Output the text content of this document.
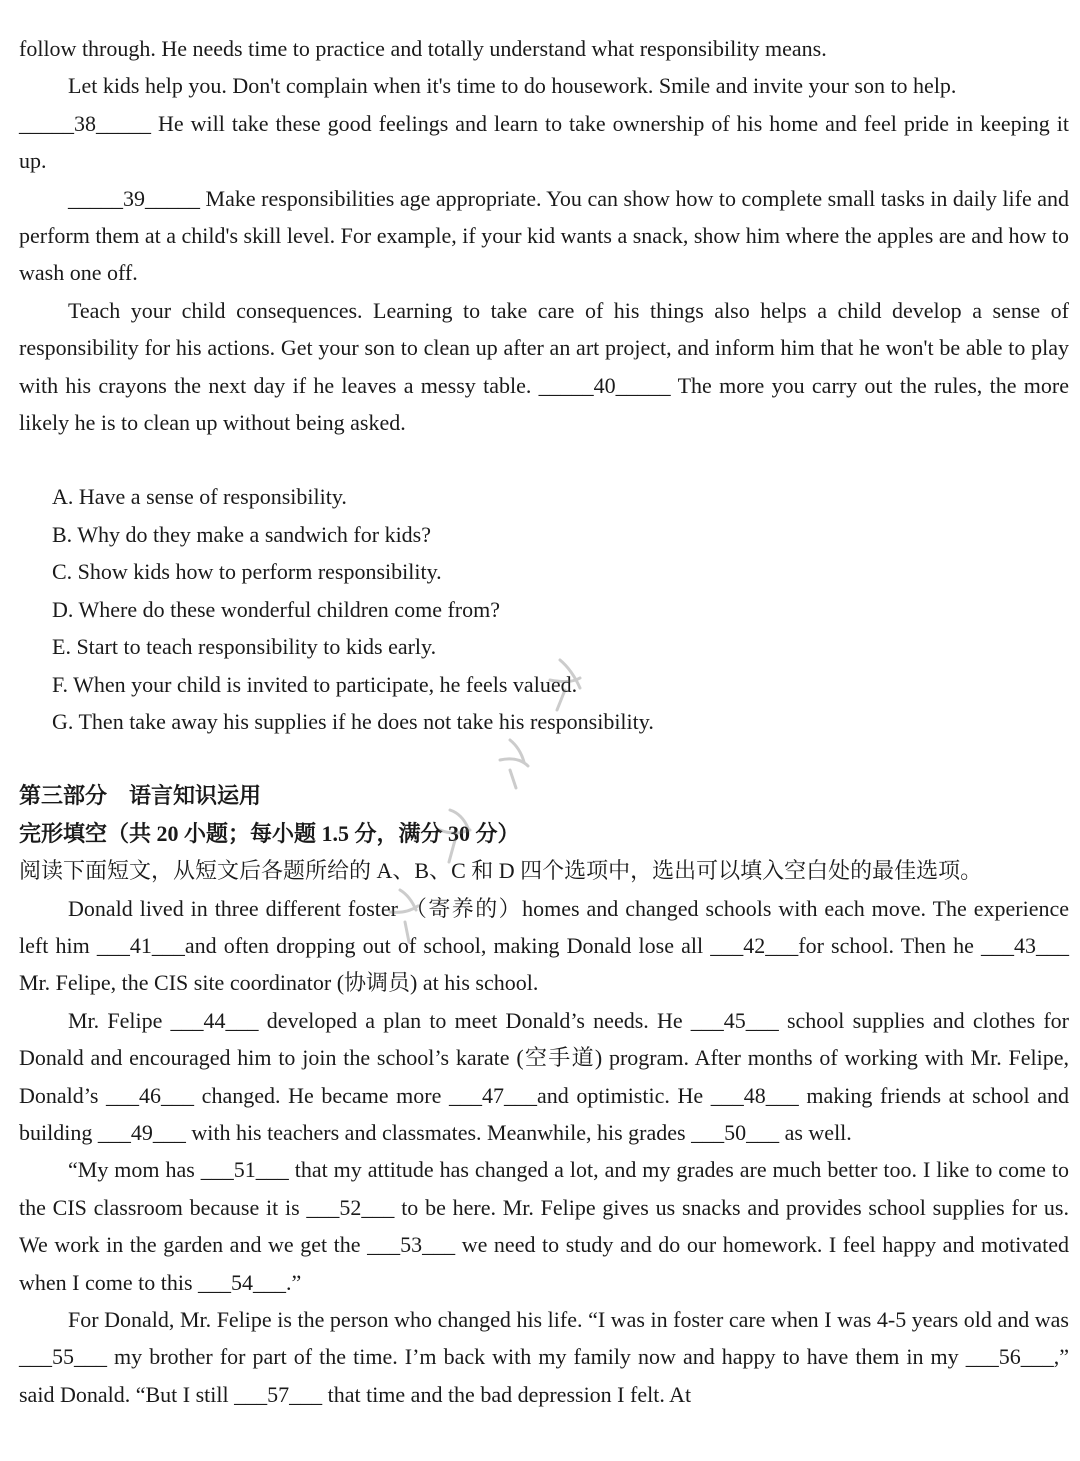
follow through. He needs time to practice and totally understand what responsibility means.

Let kids help you. Don't complain when it's time to do housework. Smile and invite your son to help.

_____38_____ He will take these good feelings and learn to take ownership of his home and feel pride in keeping it up.

_____39_____ Make responsibilities age appropriate. You can show how to complete small tasks in daily life and perform them at a child's skill level. For example, if your kid wants a snack, show him where the apples are and how to wash one off.

Teach your child consequences. Learning to take care of his things also helps a child develop a sense of responsibility for his actions. Get your son to clean up after an art project, and inform him that he won't be able to play with his crayons the next day if he leaves a messy table. _____40_____ The more you carry out the rules, the more likely he is to clean up without being asked.

A. Have a sense of responsibility.
B. Why do they make a sandwich for kids?
C. Show kids how to perform responsibility.
D. Where do these wonderful children come from?
E. Start to teach responsibility to kids early.
F. When your child is invited to participate, he feels valued.
G. Then take away his supplies if he does not take his responsibility.
第三部分　语言知识运用
完形填空（共 20 小题；每小题 1.5 分，满分 30 分）

阅读下面短文，从短文后各题所给的 A、B、C 和 D 四个选项中，选出可以填入空白处的最佳选项。

Donald lived in three different foster （寄养的）homes and changed schools with each move. The experience left him ___41___and often dropping out of school, making Donald lose all ___42___for school. Then he ___43___ Mr. Felipe, the CIS site coordinator (协调员) at his school.

Mr. Felipe ___44___ developed a plan to meet Donald’s needs. He ___45___ school supplies and clothes for Donald and encouraged him to join the school’s karate (空手道) program. After months of working with Mr. Felipe, Donald’s ___46___ changed. He became more ___47___and optimistic. He ___48___ making friends at school and building ___49___ with his teachers and classmates. Meanwhile, his grades ___50___ as well.

“My mom has ___51___ that my attitude has changed a lot, and my grades are much better too. I like to come to the CIS classroom because it is ___52___ to be here. Mr. Felipe gives us snacks and provides school supplies for us. We work in the garden and we get the ___53___ we need to study and do our homework. I feel happy and motivated when I come to this ___54___.”

For Donald, Mr. Felipe is the person who changed his life. “I was in foster care when I was 4-5 years old and was ___55___ my brother for part of the time. I’m back with my family now and happy to have them in my ___56___,” said Donald. “But I still ___57___ that time and the bad depression I felt. At
